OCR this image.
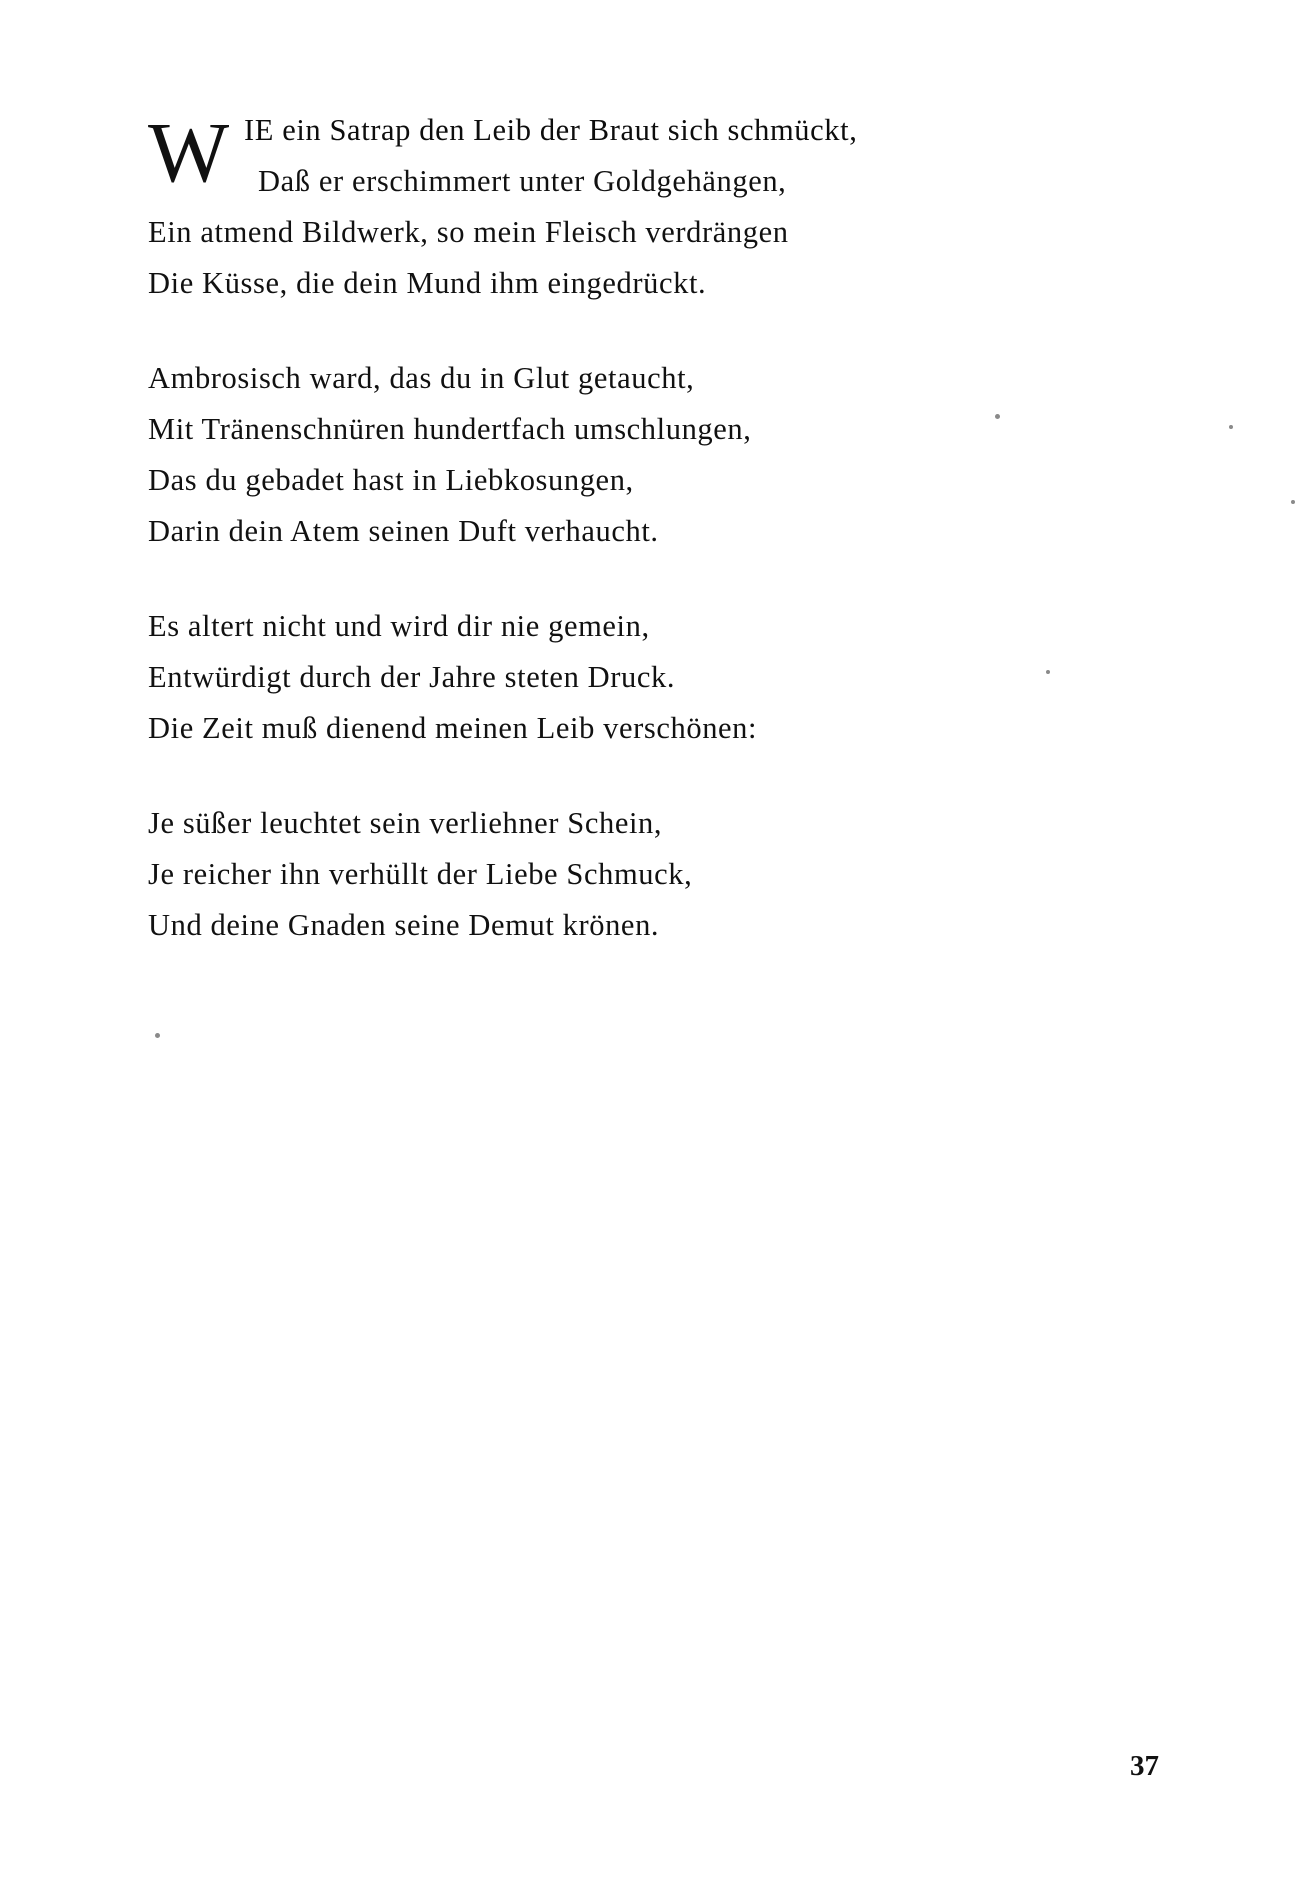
W IE ein Satrap den Leib der Braut sich schmückt,
Daß er erschimmert unter Goldgehängen,
Ein atmend Bildwerk, so mein Fleisch verdrängen
Die Küsse, die dein Mund ihm eingedrückt.
Ambrosisch ward, das du in Glut getaucht,
Mit Tränenschnüren hundertfach umschlungen,
Das du gebadet hast in Liebkosungen,
Darin dein Atem seinen Duft verhaucht.
Es altert nicht und wird dir nie gemein,
Entwürdigt durch der Jahre steten Druck.
Die Zeit muß dienend meinen Leib verschönen:
Je süßer leuchtet sein verliehner Schein,
Je reicher ihn verhüllt der Liebe Schmuck,
Und deine Gnaden seine Demut krönen.
37
